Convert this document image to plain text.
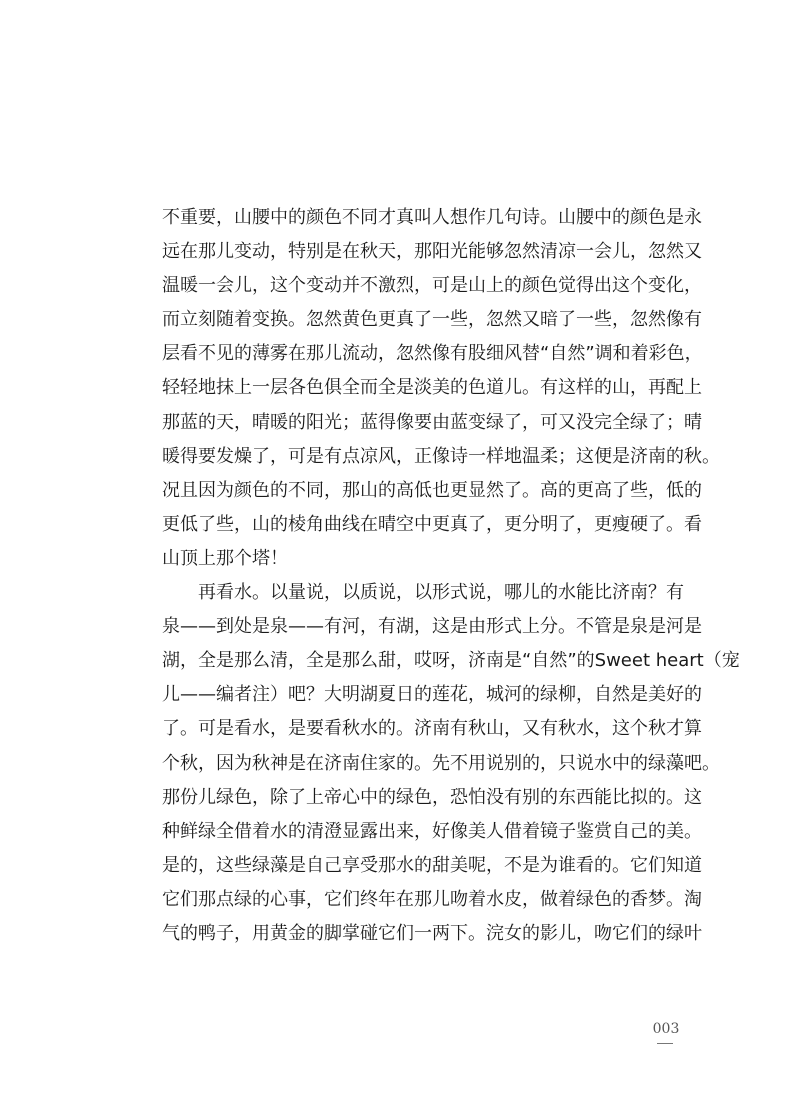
不重要，山腰中的颜色不同才真叫人想作几句诗。山腰中的颜色是永
远在那儿变动，特别是在秋天，那阳光能够忽然清凉一会儿，忽然又
温暖一会儿，这个变动并不激烈，可是山上的颜色觉得出这个变化，
而立刻随着变换。忽然黄色更真了一些，忽然又暗了一些，忽然像有
层看不见的薄雾在那儿流动，忽然像有股细风替“自然”调和着彩色，
轻轻地抹上一层各色俱全而全是淡美的色道儿。有这样的山，再配上
那蓝的天，晴暖的阳光；蓝得像要由蓝变绿了，可又没完全绿了；晴
暖得要发燥了，可是有点凉风，正像诗一样地温柔；这便是济南的秋。
况且因为颜色的不同，那山的高低也更显然了。高的更高了些，低的
更低了些，山的棱角曲线在晴空中更真了，更分明了，更瘦硬了。看
山顶上那个塔！
再看水。以量说，以质说，以形式说，哪儿的水能比济南？有
泉——到处是泉——有河，有湖，这是由形式上分。不管是泉是河是
湖，全是那么清，全是那么甜，哎呀，济南是“自然”的Sweet heart（宠
儿——编者注）吧？大明湖夏日的莲花，城河的绿柳，自然是美好的
了。可是看水，是要看秋水的。济南有秋山，又有秋水，这个秋才算
个秋，因为秋神是在济南住家的。先不用说别的，只说水中的绿藻吧。
那份儿绿色，除了上帝心中的绿色，恐怕没有别的东西能比拟的。这
种鲜绿全借着水的清澄显露出来，好像美人借着镜子鉴赏自己的美。
是的，这些绿藻是自己享受那水的甜美呢，不是为谁看的。它们知道
它们那点绿的心事，它们终年在那儿吻着水皮，做着绿色的香梦。淘
气的鸭子，用黄金的脚掌碰它们一两下。浣女的影儿，吻它们的绿叶
003
